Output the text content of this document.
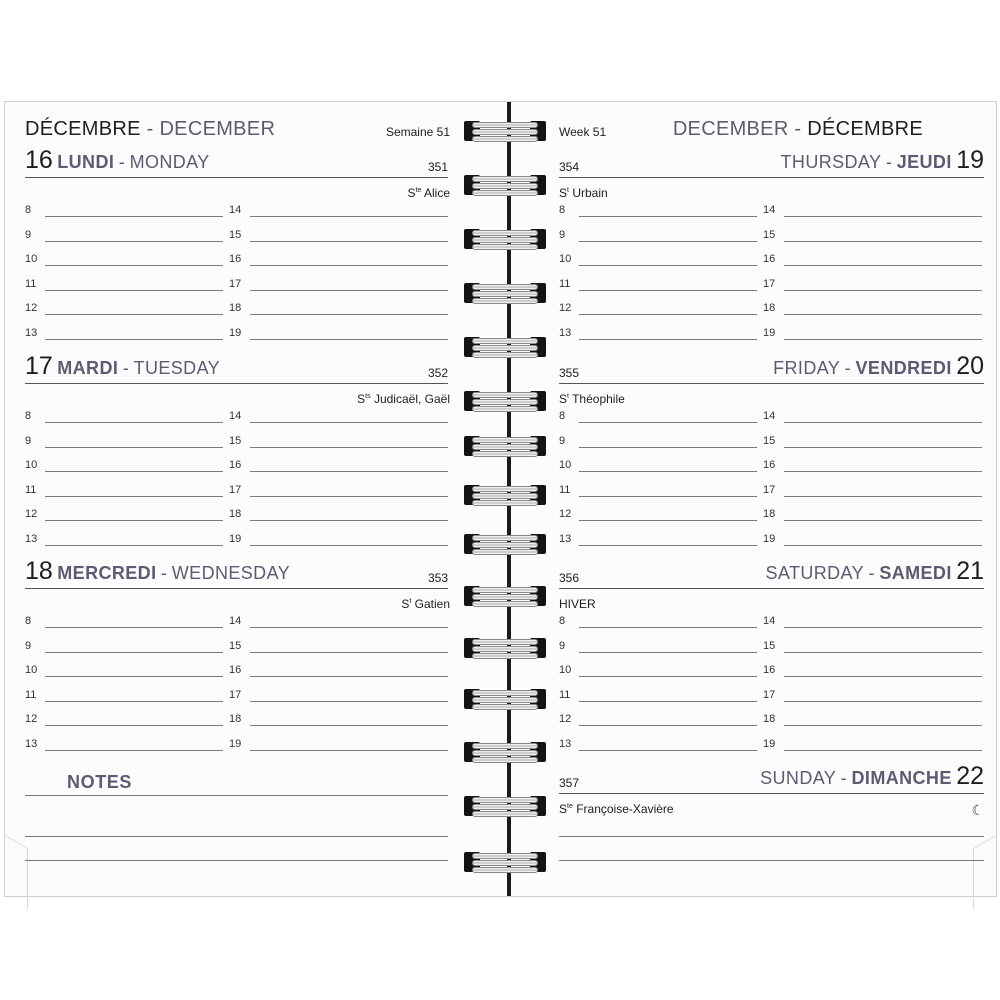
DÉCEMBRE - DECEMBER	Semaine 51
16 LUNDI - MONDAY	351
$S^{te}$ Alice
8	14
9	15
10	16
11	17
12	18
13	19
17 MARDI - TUESDAY	352
$S^{ts}$ Judicaël, Gaël
8	14
9	15
10	16
11	17
12	18
13	19
18 MERCREDI - WEDNESDAY	353
$S^t$ Gatien
8	14
9	15
10	16
11	17
12	18
13	19
NOTES
Week 51	DECEMBER - DÉCEMBRE
354	THURSDAY - JEUDI 19
$S^t$ Urbain
8	14
9	15
10	16
11	17
12	18
13	19
355	FRIDAY - VENDREDI 20
$S^t$ Théophile
8	14
9	15
10	16
11	17
12	18
13	19
356	SATURDAY - SAMEDI 21
HIVER
8	14
9	15
10	16
11	17
12	18
13	19
357	SUNDAY - DIMANCHE 22
$S^{te}$ Françoise-Xavière	☾
